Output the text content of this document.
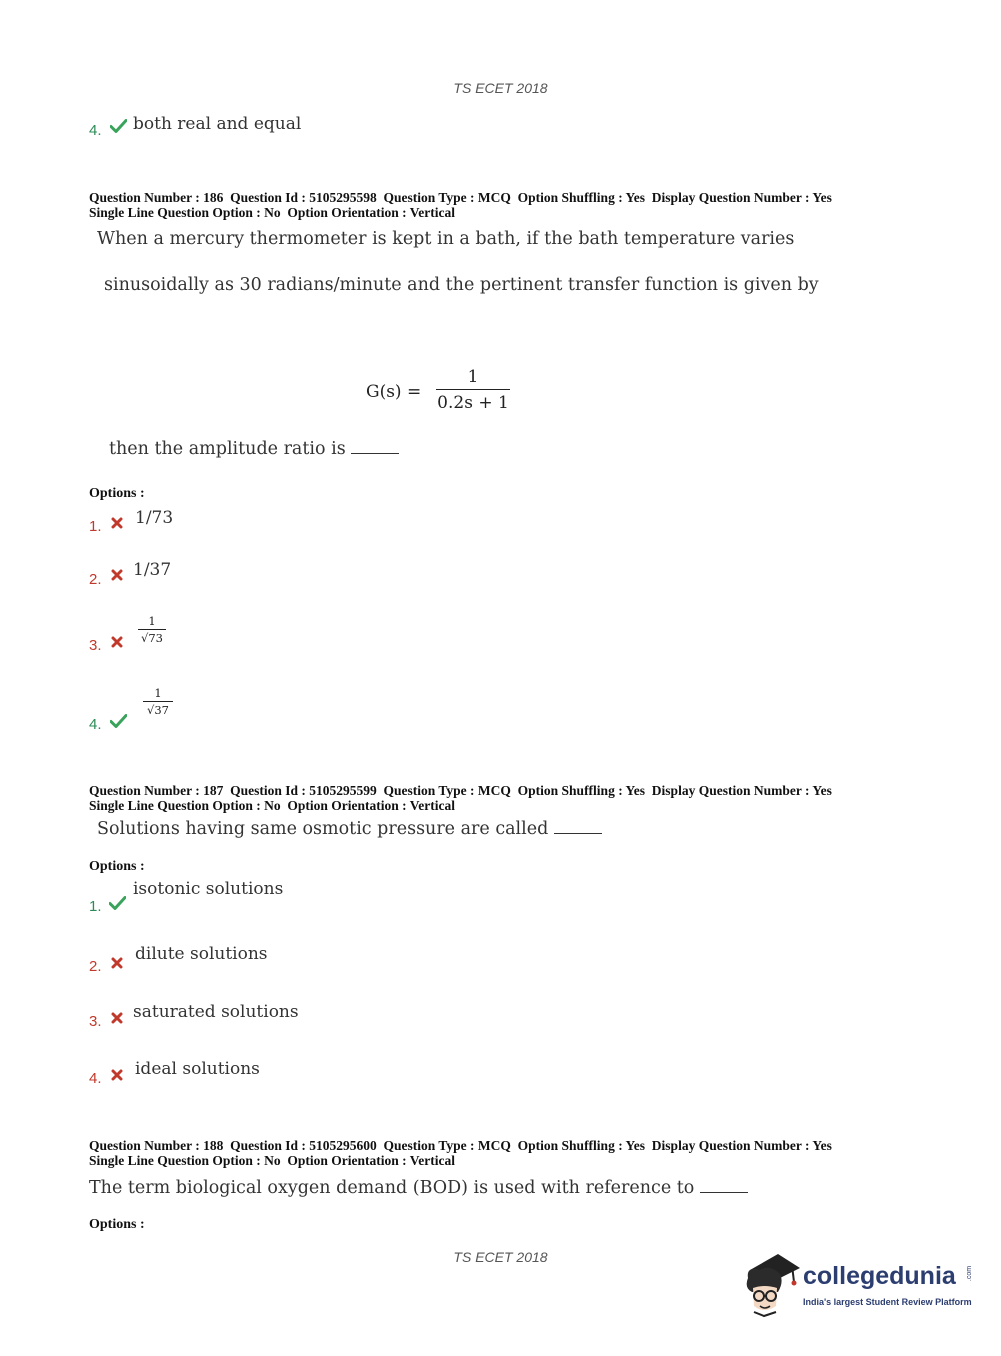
TS ECET 2018
4. both real and equal
Question Number : 186  Question Id : 5105295598  Question Type : MCQ  Option Shuffling : Yes  Display Question Number : Yes
Single Line Question Option : No  Option Orientation : Vertical
When a mercury thermometer is kept in a bath, if the bath temperature varies
sinusoidally as 30 radians/minute and the pertinent transfer function is given by
G(s) =
1
0.2s + 1
then the amplitude ratio is
Options :
1. 1/73
2. 1/37
3.
1
√73
4.
1
√37
Question Number : 187  Question Id : 5105295599  Question Type : MCQ  Option Shuffling : Yes  Display Question Number : Yes
Single Line Question Option : No  Option Orientation : Vertical
Solutions having same osmotic pressure are called
Options :
1.
isotonic solutions
2.
dilute solutions
3. saturated solutions
4. ideal solutions
Question Number : 188  Question Id : 5105295600  Question Type : MCQ  Option Shuffling : Yes  Display Question Number : Yes
Single Line Question Option : No  Option Orientation : Vertical
The term biological oxygen demand (BOD) is used with reference to
Options :
TS ECET 2018
collegedunia .com
India's largest Student Review Platform
